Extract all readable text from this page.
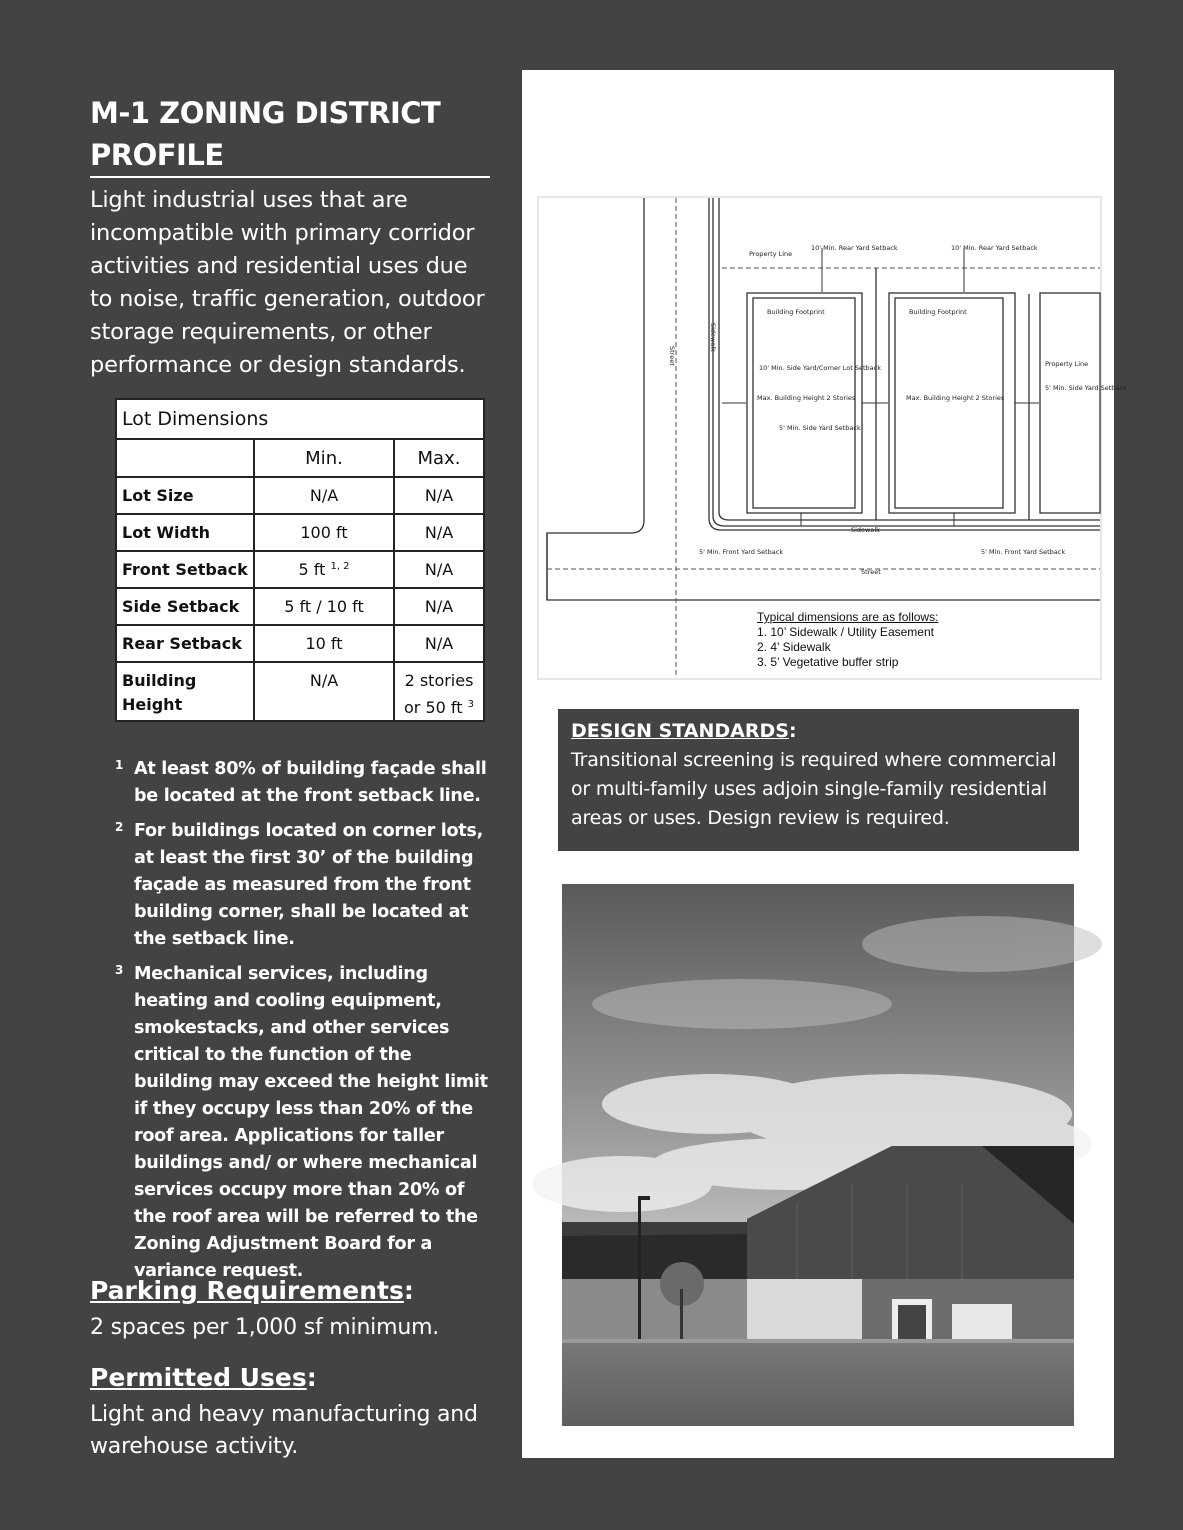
M-1 ZONING DISTRICT
PROFILE

Light industrial uses that are incompatible with primary corridor activities and residential uses due to noise, traffic generation, outdoor storage requirements, or other performance or design standards.

Lot Dimensions		
	Min.	Max.
Lot Size	N/A	N/A
Lot Width	100 ft	N/A
Front Setback	5 ft $^{1, 2}$	N/A
Side Setback	5 ft / 10 ft	N/A
Rear Setback	10 ft	N/A
Building Height	N/A	2 stories
or 50 ft $^3$
1 At least 80% of building façade shall be located at the front setback line.
2 For buildings located on corner lots, at least the first 30’ of the building façade as measured from the front building corner, shall be located at the setback line.
3 Mechanical services, including heating and cooling equipment, smokestacks, and other services critical to the function of the building may exceed the height limit if they occupy less than 20% of the roof area. Applications for taller buildings and/ or where mechanical services occupy more than 20% of the roof area will be referred to the Zoning Adjustment Board for a variance request.
Parking Requirements:

2 spaces per 1,000 sf minimum.

Permitted Uses:

Light and heavy manufacturing and warehouse activity.

Property Line
10' Min. Rear Yard Setback	10' Min. Rear Yard Setback
Building Footprint	Building Footprint
10' Min. Side Yard/Corner Lot Setback
Max. Building Height 2 Stories	Max. Building Height 2 Stories
5' Min. Side Yard Setback
Property Line
5' Min. Side Yard Setback
Sidewalk
5' Min. Front Yard Setback	5' Min. Front Yard Setback
Street
Street
Sidewalk
Typical dimensions are as follows:
1. 10’ Sidewalk / Utility Easement
2. 4’ Sidewalk
3. 5’ Vegetative buffer strip
DESIGN STANDARDS:

Transitional screening is required where commercial or multi-family uses adjoin single-family residential areas or uses. Design review is required.
